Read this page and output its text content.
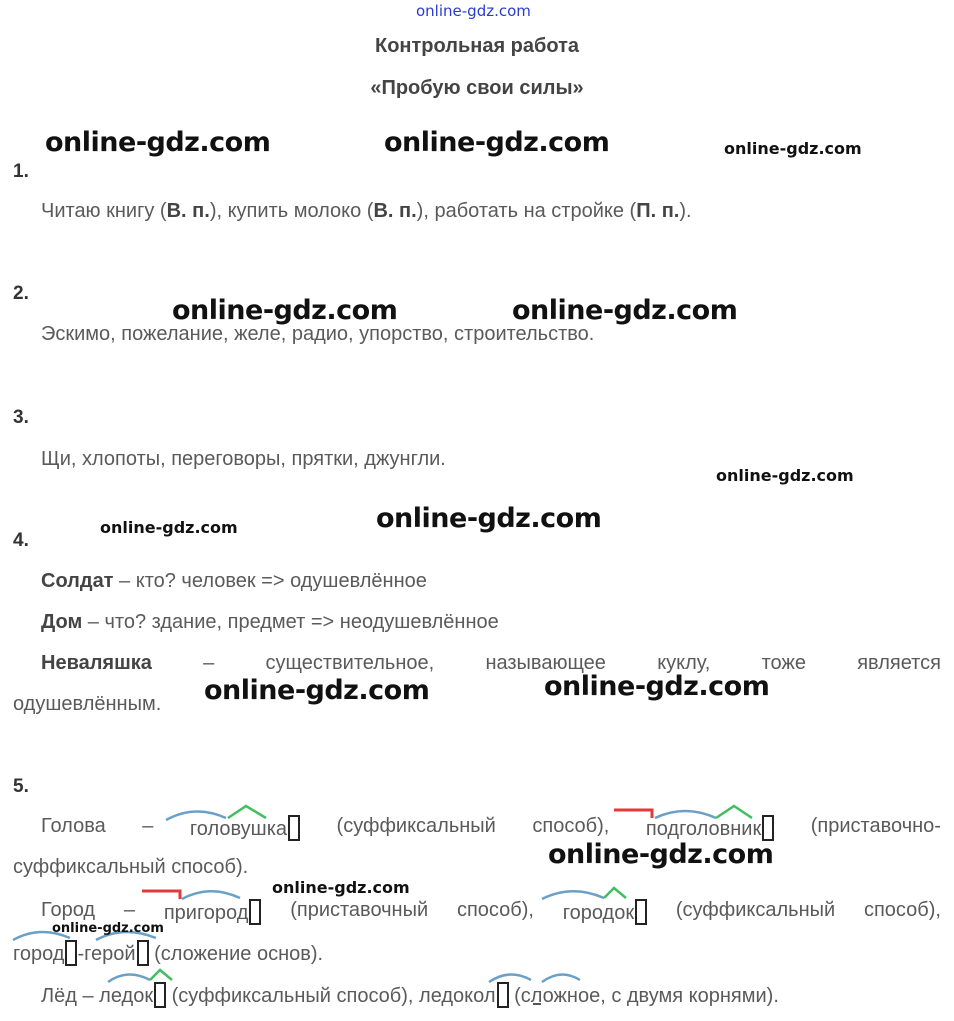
online-gdz.com
Контрольная работа
«Пробую свои силы»
1.
Читаю книгу (В. п.), купить молоко (В. п.), работать на стройке (П. п.).
2.
Эскимо, пожелание, желе, радио, упорство, строительство.
3.
Щи, хлопоты, переговоры, прятки, джунгли.
4.
Солдат – кто? человек => одушевлённое
Дом – что? здание, предмет => неодушевлённое
Неваляшка	–	существительное,	называющее	куклу,	тоже	является
одушевлённым.
5.
Голова – головушка	(суффиксальный способ), подголовник	(приставочно-
суффиксальный способ).
Город – пригород	(приставочный способ), городок	(суффиксальный способ),
город -герой (сложение основ).
Лёд – ледок (суффиксальный способ), ледокол (сложное, с двумя корнями).
online-gdz.com	online-gdz.com	online-gdz.com
online-gdz.com	online-gdz.com
online-gdz.com
online-gdz.com	online-gdz.com
online-gdz.com	online-gdz.com
online-gdz.com
online-gdz.com
online-gdz.com
